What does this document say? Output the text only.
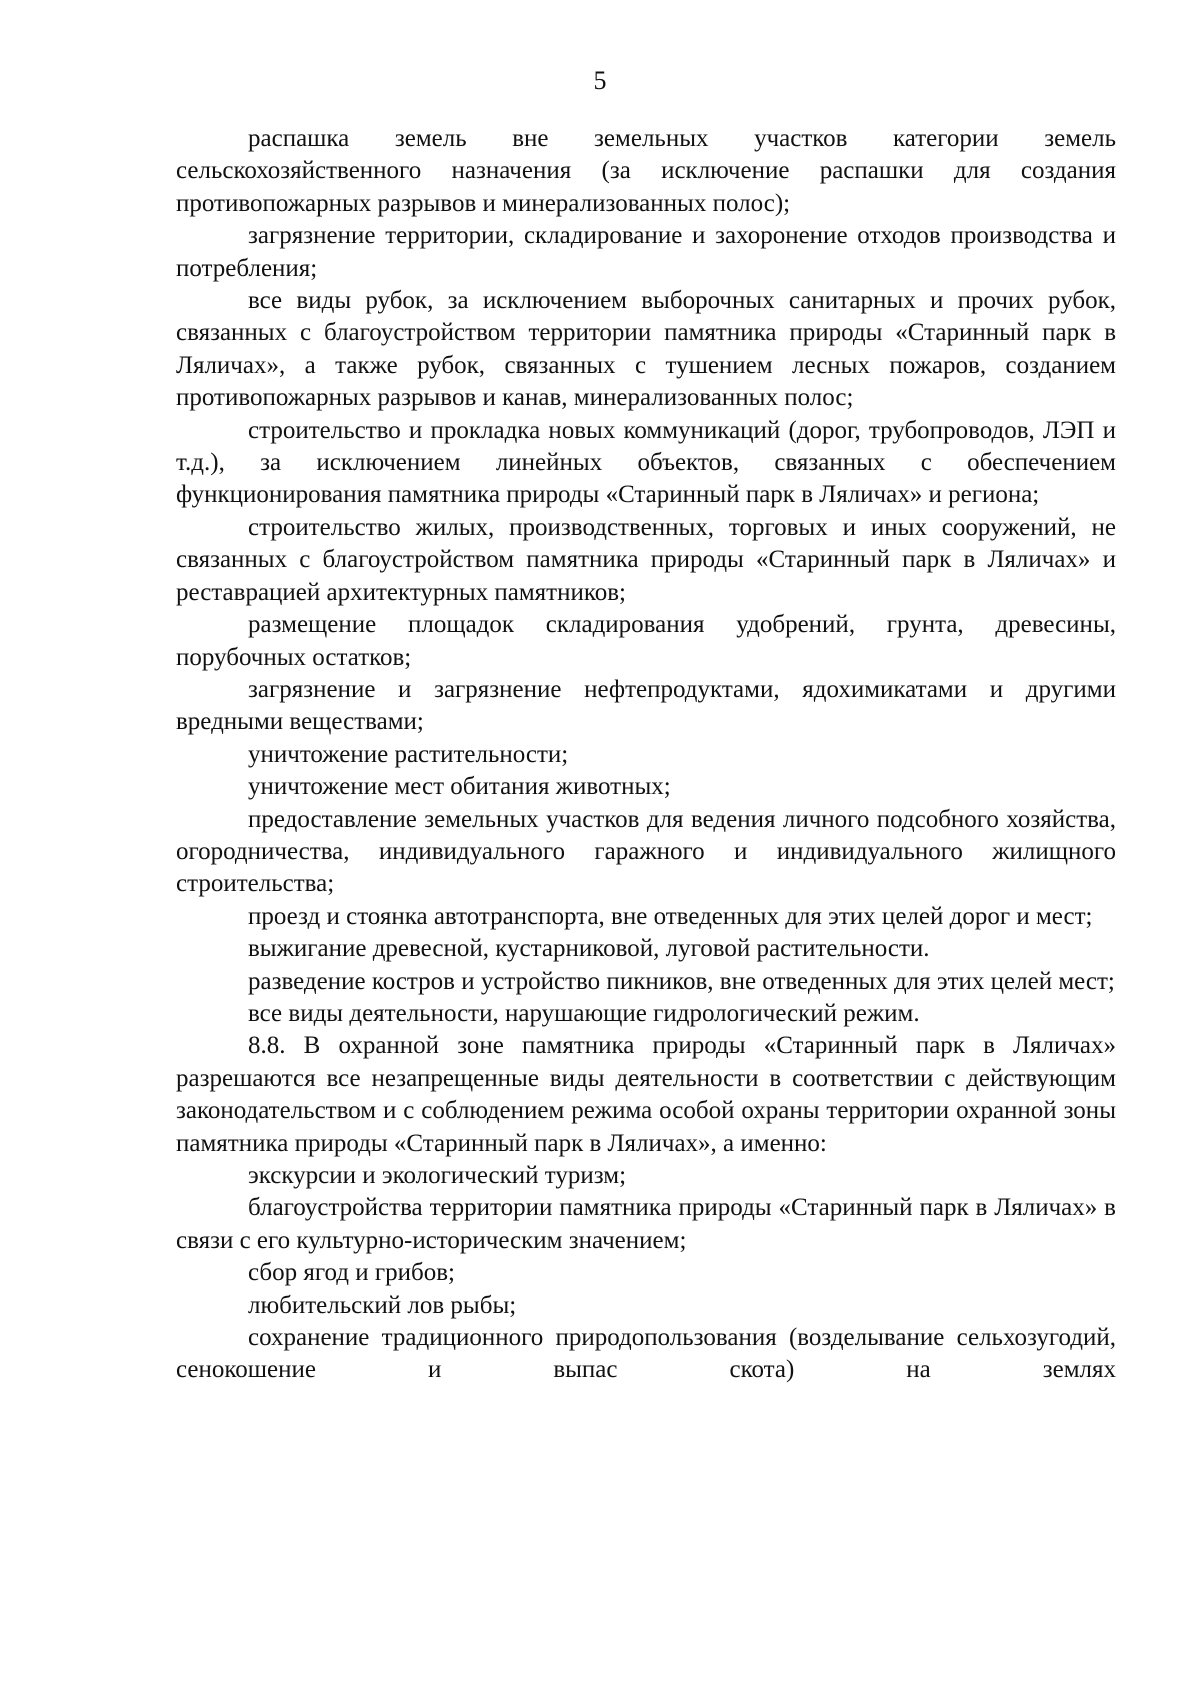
5

распашка земель вне земельных участков категории земель сельскохозяйственного назначения (за исключение распашки для создания противопожарных разрывов и минерализованных полос);

загрязнение территории, складирование и захоронение отходов производства и потребления;

все виды рубок, за исключением выборочных санитарных и прочих рубок, связанных с благоустройством территории памятника природы «Старинный парк в Ляличах», а также рубок, связанных с тушением лесных пожаров, созданием противопожарных разрывов и канав, минерализованных полос;

строительство и прокладка новых коммуникаций (дорог, трубопроводов, ЛЭП и т.д.), за исключением линейных объектов, связанных с обеспечением функционирования памятника природы «Старинный парк в Ляличах» и региона;

строительство жилых, производственных, торговых и иных сооружений, не связанных с благоустройством памятника природы «Старинный парк в Ляличах» и реставрацией архитектурных памятников;

размещение площадок складирования удобрений, грунта, древесины, порубочных остатков;

загрязнение и загрязнение нефтепродуктами, ядохимикатами и другими вредными веществами;

уничтожение растительности;

уничтожение мест обитания животных;

предоставление земельных участков для ведения личного подсобного хозяйства, огородничества, индивидуального гаражного и индивидуального жилищного строительства;

проезд и стоянка автотранспорта, вне отведенных для этих целей дорог и мест;

выжигание древесной, кустарниковой, луговой растительности.

разведение костров и устройство пикников, вне отведенных для этих целей мест;

все виды деятельности, нарушающие гидрологический режим.

8.8. В охранной зоне памятника природы «Старинный парк в Ляличах» разрешаются все незапрещенные виды деятельности в соответствии с действующим законодательством и с соблюдением режима особой охраны территории охранной зоны памятника природы «Старинный парк в Ляличах», а именно:

экскурсии и экологический туризм;

благоустройства территории памятника природы «Старинный парк в Ляличах» в связи с его культурно-историческим значением;

сбор ягод и грибов;

любительский лов рыбы;

сохранение традиционного природопользования (возделывание сельхозугодий, сенокошение и выпас скота) на землях
